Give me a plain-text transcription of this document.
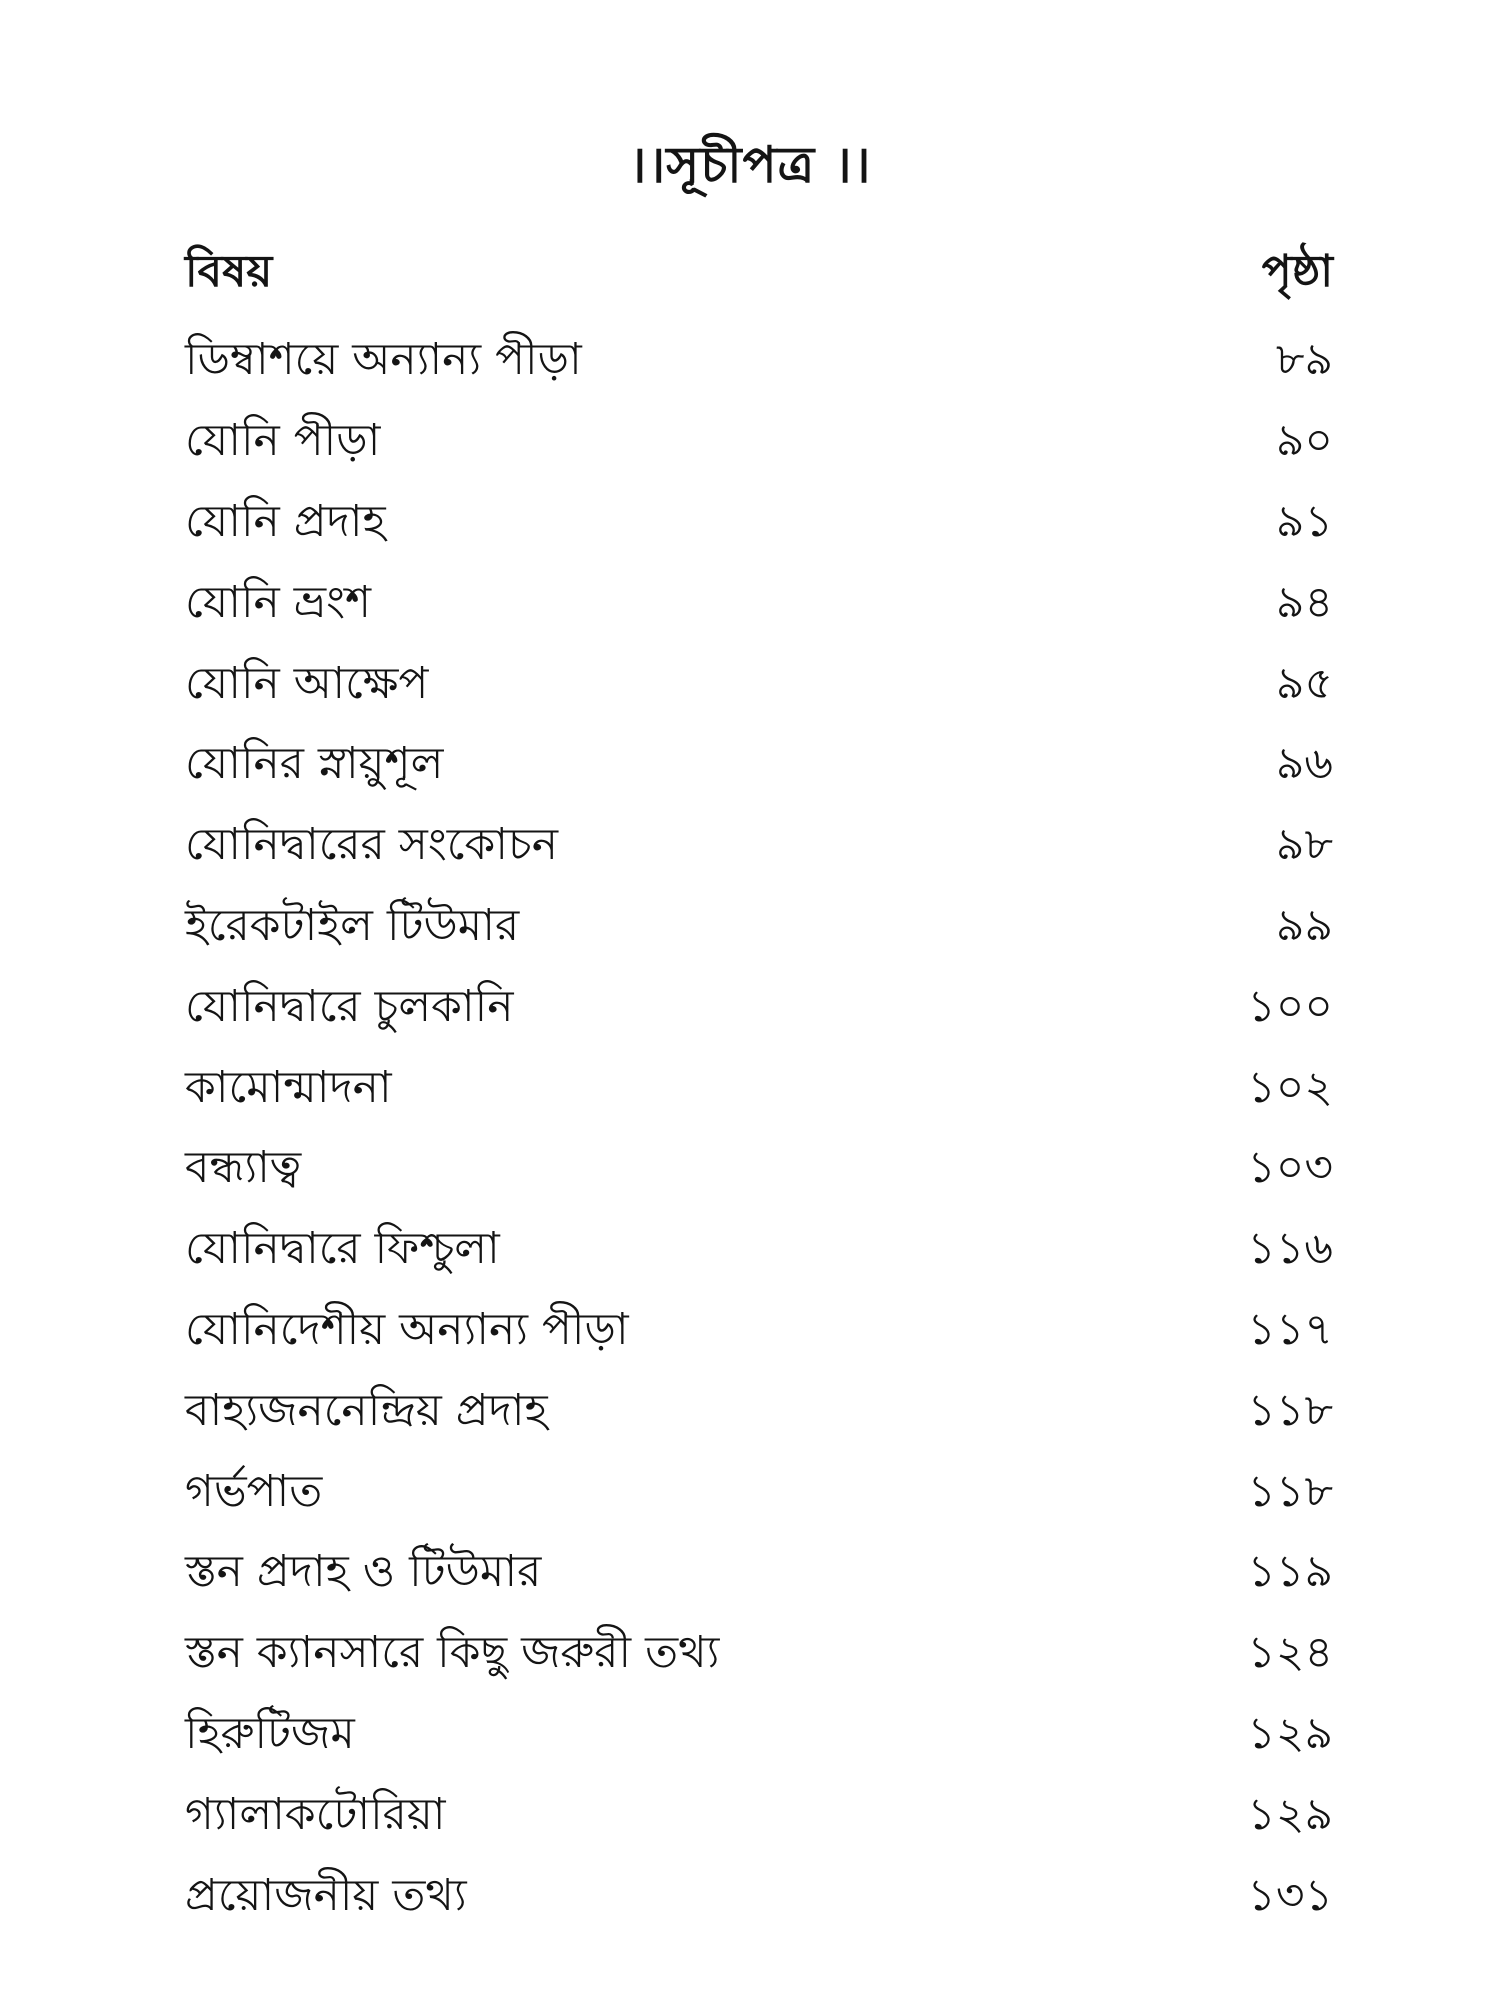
।।সূচীপত্র ।।
বিষয়	পৃষ্ঠা
ডিম্বাশয়ে অন্যান্য পীড়া	৮৯
যোনি পীড়া	৯০
যোনি প্রদাহ	৯১
যোনি ভ্রংশ	৯৪
যোনি আক্ষেপ	৯৫
যোনির স্নায়ুশূল	৯৬
যোনিদ্বারের সংকোচন	৯৮
ইরেকটাইল টিউমার	৯৯
যোনিদ্বারে চুলকানি	১০০
কামোন্মাদনা	১০২
বন্ধ্যাত্ব	১০৩
যোনিদ্বারে ফিশ্চুলা	১১৬
যোনিদেশীয় অন্যান্য পীড়া	১১৭
বাহ্যজননেন্দ্রিয় প্রদাহ	১১৮
গর্ভপাত	১১৮
স্তন প্রদাহ ও টিউমার	১১৯
স্তন ক্যানসারে কিছু জরুরী তথ্য	১২৪
হিরুটিজম	১২৯
গ্যালাকটোরিয়া	১২৯
প্রয়োজনীয় তথ্য	১৩১
